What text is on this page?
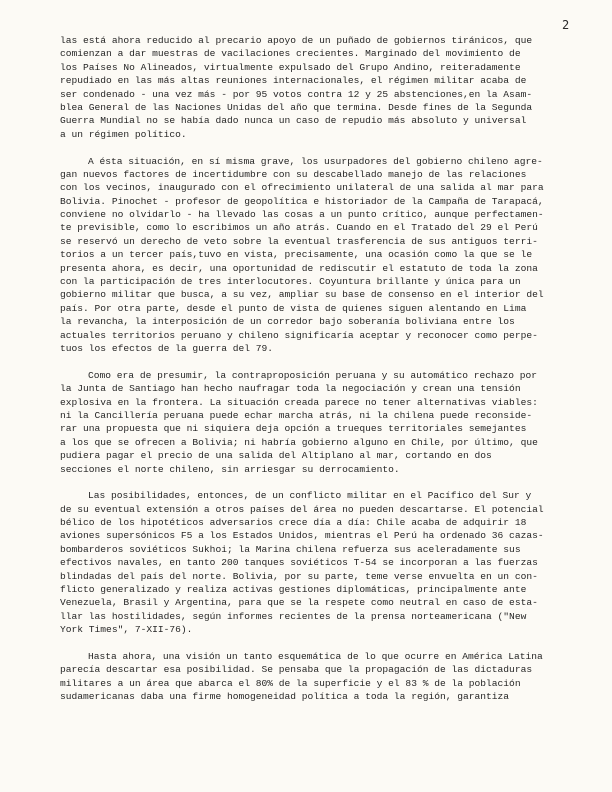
2
las está ahora reducido al precario apoyo de un puñado de gobiernos tiránicos, que
comienzan a dar muestras de vacilaciones crecientes. Marginado del movimiento de
los Países No Alineados, virtualmente expulsado del Grupo Andino, reiteradamente
repudiado en las más altas reuniones internacionales, el régimen militar acaba de
ser condenado - una vez más - por 95 votos contra 12 y 25 abstenciones,en la Asam-
blea General de las Naciones Unidas del año que termina. Desde fines de la Segunda
Guerra Mundial no se había dado nunca un caso de repudio más absoluto y universal
a un régimen político.
A ésta situación, en sí misma grave, los usurpadores del gobierno chileno agre-
gan nuevos factores de incertidumbre con su descabellado manejo de las relaciones
con los vecinos, inaugurado con el ofrecimiento unilateral de una salida al mar para
Bolivia. Pinochet - profesor de geopolítica e historiador de la Campaña de Tarapacá,
conviene no olvidarlo - ha llevado las cosas a un punto crítico, aunque perfectamen-
te previsible, como lo escribimos un año atrás. Cuando en el Tratado del 29 el Perú
se reservó un derecho de veto sobre la eventual trasferencia de sus antiguos terri-
torios a un tercer país,tuvo en vista, precisamente, una ocasión como la que se le
presenta ahora, es decir, una oportunidad de rediscutir el estatuto de toda la zona
con la participación de tres interlocutores. Coyuntura brillante y única para un
gobierno militar que busca, a su vez, ampliar su base de consenso en el interior del
país. Por otra parte, desde el punto de vista de quienes siguen alentando en Lima
la revancha, la interposición de un corredor bajo soberanía boliviana entre los
actuales territorios peruano y chileno significaría aceptar y reconocer como perpe-
tuos los efectos de la guerra del 79.
Como era de presumir, la contraproposición peruana y su automático rechazo por
la Junta de Santiago han hecho naufragar toda la negociación y crean una tensión
explosiva en la frontera. La situación creada parece no tener alternativas viables:
ni la Cancillería peruana puede echar marcha atrás, ni la chilena puede reconside-
rar una propuesta que ni siquiera deja opción a trueques territoriales semejantes
a los que se ofrecen a Bolivia; ni habría gobierno alguno en Chile, por último, que
pudiera pagar el precio de una salida del Altiplano al mar, cortando en dos
secciones el norte chileno, sin arriesgar su derrocamiento.
Las posibilidades, entonces, de un conflicto militar en el Pacífico del Sur y
de su eventual extensión a otros países del área no pueden descartarse. El potencial
bélico de los hipotéticos adversarios crece día a día: Chile acaba de adquirir 18
aviones supersónicos F5 a los Estados Unidos, mientras el Perú ha ordenado 36 cazas-
bombarderos soviéticos Sukhoi; la Marina chilena refuerza sus aceleradamente sus
efectivos navales, en tanto 200 tanques soviéticos T-54 se incorporan a las fuerzas
blindadas del país del norte. Bolivia, por su parte, teme verse envuelta en un con-
flicto generalizado y realiza activas gestiones diplomáticas, principalmente ante
Venezuela, Brasil y Argentina, para que se la respete como neutral en caso de esta-
llar las hostilidades, según informes recientes de la prensa norteamericana ("New
York Times", 7-XII-76).
Hasta ahora, una visión un tanto esquemática de lo que ocurre en América Latina
parecía descartar esa posibilidad. Se pensaba que la propagación de las dictaduras
militares a un área que abarca el 80% de la superficie y el 83 % de la población
sudamericanas daba una firme homogeneidad política a toda la región, garantiza
